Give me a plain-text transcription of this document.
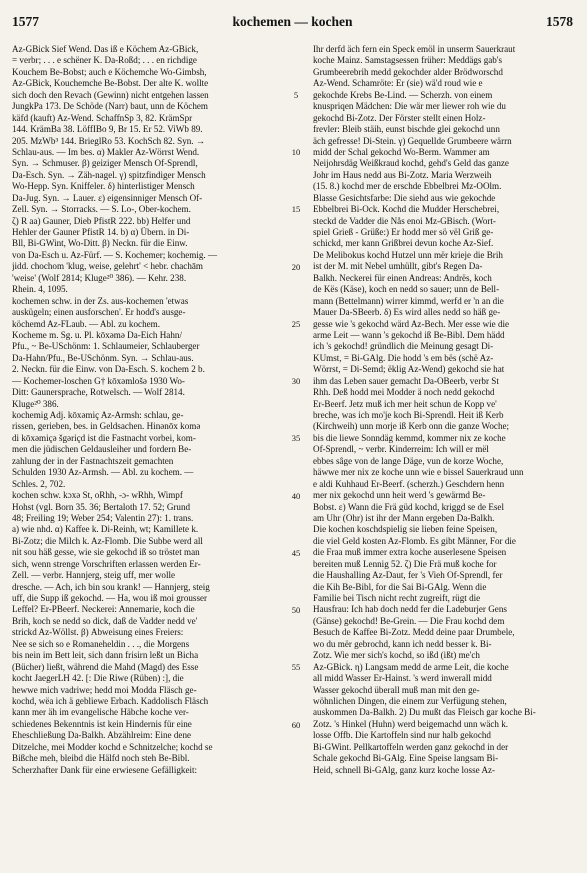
1577	kochemen — kochen	1578
Az-GBick Sief Wend. Das iß e Köchem Az-GBick,
= verbr; . . . e schëner K. Da-Roßd; . . . en richdige
Kouchem Be-Bobst; auch e Köchemche Wo-Gimbsh,
Az-GBick, Kouchemche Be-Bobst. Der alte K. wollte
sich doch den Revach (Gewinn) nicht entgehen lassen
JungkPa 173. De Schöde (Narr) baut, unn de Köchem
käfd (kauft) Az-Wend. SchaffnSp 3, 82. KrämSpr
144. KrämBa 38. LöffIBo 9, Br 15. Er 52. ViWb 89.
205. MzWb³ 144. BrieglRo 53. KochSch 82. Syn. →
Schlau-aus. — Im bes. α) Makler Az-Wörrst Wend.
Syn. → Schmuser. β) geiziger Mensch Of-Sprendl,
Da-Esch. Syn. → Zäh-nagel. γ) spitzfindiger Mensch
Wo-Hepp. Syn. Kniffeler. δ) hinterlistiger Mensch
Da-Jug. Syn. → Lauer. ε) eigensinniger Mensch Of-
Zell. Syn. → Storracks. — S. Lo-, Ober-kochem.
ζ) R aa) Gauner, Dieb PfistR 222. bb) Helfer und
Hehler der Gauner PfistR 14. b) α) Übern. in Di-
Bll, Bi-GWint, Wo-Ditt. β) Neckn. für die Einw.
von Da-Esch u. Az-Fürf. — S. Kochemer; kochemig. —
jidd. chochom 'klug, weise, gelehrt' < hebr. chachām
'weise' (Wolf 2814; Kluge²⁰ 386). — Kehr. 238.
Rhein. 4, 1095.
kochemen schw. in der Zs. aus-kochemen 'etwas
auskügeln; einen ausforschen'. Er hodd's ausge-
köchemd Az-FLaub. — Abl. zu kochem.
Kocheme m. Sg. u. Pl. kōxəmə Da-Eich Hahn/
Pfu., ~ Be-USchönm: 1. Schlaumeier, Schlauberger
Da-Hahn/Pfu., Be-USchönm. Syn. → Schlau-aus.
2. Neckn. für die Einw. von Da-Esch. S. kochem 2 b.
— Kochemer-loschen G† kōxəmlošə 1930 Wo-
Ditt: Gaunersprache, Rotwelsch. — Wolf 2814.
Kluge²⁰ 386.
kochemig Adj. kōxəmiç Az-Armsh: schlau, ge-
rissen, gerieben, bes. in Geldsachen. Hinənōx komə
di kōxəmiçə šgəriçd ist die Fastnacht vorbei, kom-
men die jüdischen Geldausleiher und fordern Be-
zahlung der in der Fastnachtszeit gemachten
Schulden 1930 Az-Armsh. — Abl. zu kochem. —
Schles. 2, 702.
kochen schw. kɔxə St, oRhh, -ɔ- wRhh, Wimpf
Hohst (vgl. Born 35. 36; Bertaloth 17. 52; Grund
48; Freiling 19; Weber 254; Valentin 27): 1. trans.
a) wie nhd. α) Kaffee k. Di-Reinh, wt; Kamillete k.
Bi-Zotz; die Milch k. Az-Flomb. Die Subbe werd all
nit sou häß gesse, wie sie gekochd iß so tröstet man
sich, wenn strenge Vorschriften erlassen werden Er-
Zell. — verbr. Hannjerg, steig uff, mer wolle
dresche. — Ach, ich bin sou krank! — Hannjerg, steig
uff, die Supp iß gekochd. — Ha, wou iß moi grousser
Leffel? Er-PBeerf. Neckerei: Annemarie, koch die
Brih, koch se nedd so dick, daß de Vadder nedd ve'
strickd Az-Wöllst. β) Abweisung eines Freiers:
Nee se sich so e Romaneheldin . . ., die Morgens
bis nein im Bett leit, sich dann frisirn leßt un Bicha
(Bücher) ließt, während die Mahd (Magd) des Esse
kocht JaegerLH 42. [: Die Riwe (Rüben) :], die
hewwe mich vadriwe; hedd moi Modda Fläsch ge-
kochd, wëa ich ä gebliewe Erbach. Kaddolisch Fläsch
kann mer äh im evangelische Häbche koche ver-
schiedenes Bekenntnis ist kein Hindernis für eine
Eheschließung Da-Balkh. Abzählreim: Eine dene
Ditzelche, mei Modder kochd e Schnitzelche; kochd se
Bißche meh, bleibd die Hälfd noch steh Be-Bibl.
Scherzhafter Dank für eine erwiesene Gefälligkeit:
5
10
15
20
25
30
35
40
45
50
55
60
Ihr derfd äch fern ein Speck emöl in unserm Sauerkraut
koche Mainz. Samstagsessen früher: Meddägs gab's
Grumbeerebrih medd gekochder alder Brödworschd
Az-Wend. Schamröte: Er (sie) wä'd roud wie e
gekochde Krebs Be-Lind. — Scherzh. von einem
knuspriqen Mädchen: Die wär mer liewer roh wie du
gekochd Bi-Zotz. Der Förster stellt einen Holz-
frevler: Bleib stäih, eunst bischde glei gekochd unn
äch gefresse! Di-Stein. γ) Gequellde Grumbeere wärrn
midd der Schal gekochd Wo-Berm. Wammer am
Neijohrsdäg Weißkraud kochd, gehd's Geld das ganze
Johr im Haus nedd aus Bi-Zotz. Maria Werzweih
(15. 8.) kochd mer de erschde Ebbelbrei Mz-OOlm.
Blasse Gesichtsfarbe: Die siehd aus wie gekochde
Ebbelbrei Bi-Ock. Kochd die Mudder Herschebrei,
steckd de Vadder die Nås enoi Mz-GBisch. (Wort-
spiel Grieß - Grüße:) Er hodd mer sö vël Griß ge-
schickd, mer kann Grißbrei devun koche Az-Sief.
De Melibokus kochd Hutzel unn mër krieje die Brih
ist der M. mit Nebel umhüllt, gibt's Regen Da-
Balkh. Neckerei für einen Andreas: Andrës, koch
de Kës (Käse), koch en nedd so sauer; unn de Bell-
mann (Bettelmann) wirrer kimmd, werfd er 'n an die
Mauer Da-SBeerb. δ) Es wird alles nedd so häß ge-
gesse wie 's gekochd wärd Az-Bech. Mer esse wie die
arme Leit — wann 's gekochd iß Be-Bibl. Dem hädd
ich 's gekochd! gründlich die Meinung gesagt Di-
KUmst, = Bi-GAlg. Die hodd 's em bës (schë Az-
Wörrst, = Di-Semd; ëklig Az-Wend) gekochd sie hat
ihm das Leben sauer gemacht Da-OBeerb, verbr St
Rhh. Deß hodd mei Modder ä noch nedd gekochd
Er-Beerf. Jetz muß ich mer heit schun de Kopp ve'
breche, was ich mo'je koch Bi-Sprendl. Heit iß Kerb
(Kirchweih) unn morje iß Kerb onn die ganze Woche;
bis die liewe Sonndäg kemmd, kommer nix ze koche
Of-Sprendl, ~ verbr. Kinderreim: Ich will er mël
ebbes sâge von de lange Däge, vun de korze Woche,
häwwe mer nix ze koche unn wie e bissel Sauerkraud unn
e aldi Kuhhaud Er-Beerf. (scherzh.) Geschdern henn
mer nix gekochd unn heit werd 's gewärmd Be-
Bobst. ε) Wann die Frä güd kochd, kriggd se de Esel
am Uhr (Ohr) ist ihr der Mann ergeben Da-Balkh.
Die kochen koschdspielig sie lieben feine Speisen,
die viel Geld kosten Az-Flomb. Es gibt Männer, For die
die Fraa muß immer extra koche auserlesene Speisen
bereiten muß Lennig 52. ζ) Die Frä muß koche for
die Haushalling Az-Daut, fer 's Vieh Of-Sprendl, fer
die Kih Be-Bibl, for die Sai Bi-GAlg. Wenn die
Familie bei Tisch nicht recht zugreift, rügt die
Hausfrau: Ich hab doch nedd fer die Ladeburjer Gens
(Gänse) gekochd! Be-Grein. — Die Frau kochd dem
Besuch de Kaffee Bi-Zotz. Medd deine paar Drumbele,
wo du mër gebrochd, kann ich nedd besser k. Bi-
Zotz. Wie mer sich's kochd, so ißd (ißt) me'ch
Az-GBick. η) Langsam medd de arme Leit, die koche
all midd Wasser Er-Hainst. 's werd inwerall midd
Wasser gekochd überall muß man mit den ge-
wöhnlichen Dingen, die einem zur Verfügung stehen,
auskommen Da-Balkh. 2) Du mußt das Fleisch gar koche Bi-
Zotz. 's Hinkel (Huhn) werd beigemachd unn wäch k.
losse Offb. Die Kartoffeln sind nur halb gekochd
Bi-GWint. Pellkartoffeln werden ganz gekochd in der
Schale gekochd Bi-GAlg. Eine Speise langsam Bi-
Heid, schnell Bi-GAlg, ganz kurz koche losse Az-
